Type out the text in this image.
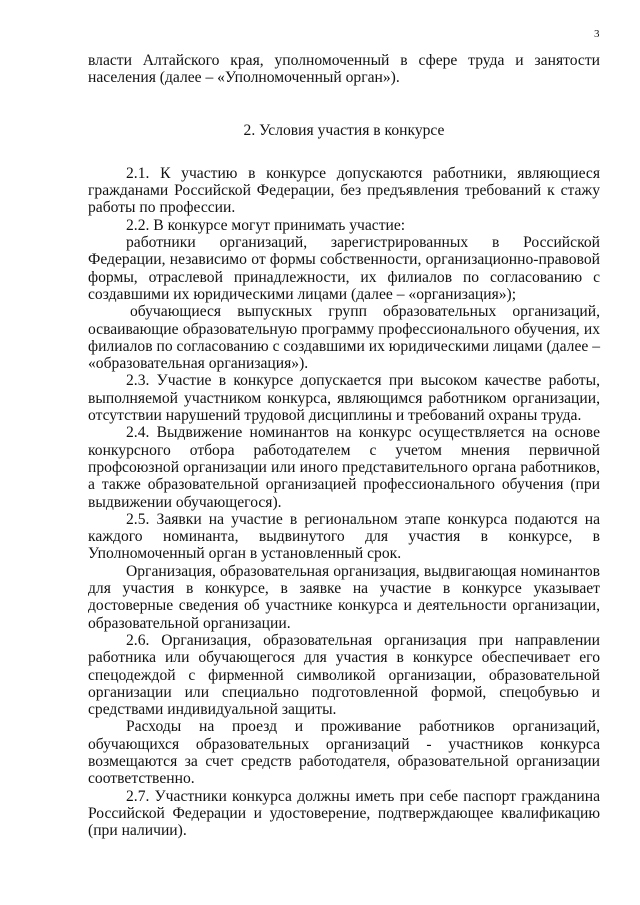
3

власти Алтайского края, уполномоченный в сфере труда и занятости населения (далее – «Уполномоченный орган»).

2. Условия участия в конкурсе

2.1. К участию в конкурсе допускаются работники, являющиеся гражданами Российской Федерации, без предъявления требований к стажу работы по профессии.

2.2. В конкурсе могут принимать участие:

работники организаций, зарегистрированных в Российской Федерации, независимо от формы собственности, организационно-правовой формы, отраслевой принадлежности, их филиалов по согласованию с создавшими их юридическими лицами (далее – «организация»);

обучающиеся выпускных групп образовательных организаций, осваивающие образовательную программу профессионального обучения, их филиалов по согласованию с создавшими их юридическими лицами (далее – «образовательная организация»).

2.3. Участие в конкурсе допускается при высоком качестве работы, выполняемой участником конкурса, являющимся работником организации, отсутствии нарушений трудовой дисциплины и требований охраны труда.

2.4. Выдвижение номинантов на конкурс осуществляется на основе конкурсного отбора работодателем с учетом мнения первичной профсоюзной организации или иного представительного органа работников, а также образовательной организацией профессионального обучения (при выдвижении обучающегося).

2.5. Заявки на участие в региональном этапе конкурса подаются на каждого номинанта, выдвинутого для участия в конкурсе, в Уполномоченный орган в установленный срок.

Организация, образовательная организация, выдвигающая номинантов для участия в конкурсе, в заявке на участие в конкурсе указывает достоверные сведения об участнике конкурса и деятельности организации, образовательной организации.

2.6. Организация, образовательная организация при направлении работника или обучающегося для участия в конкурсе обеспечивает его спецодеждой с фирменной символикой организации, образовательной организации или специально подготовленной формой, спецобувью и средствами индивидуальной защиты.

Расходы на проезд и проживание работников организаций, обучающихся образовательных организаций - участников конкурса возмещаются за счет средств работодателя, образовательной организации соответственно.

2.7. Участники конкурса должны иметь при себе паспорт гражданина Российской Федерации и удостоверение, подтверждающее квалификацию (при наличии).
